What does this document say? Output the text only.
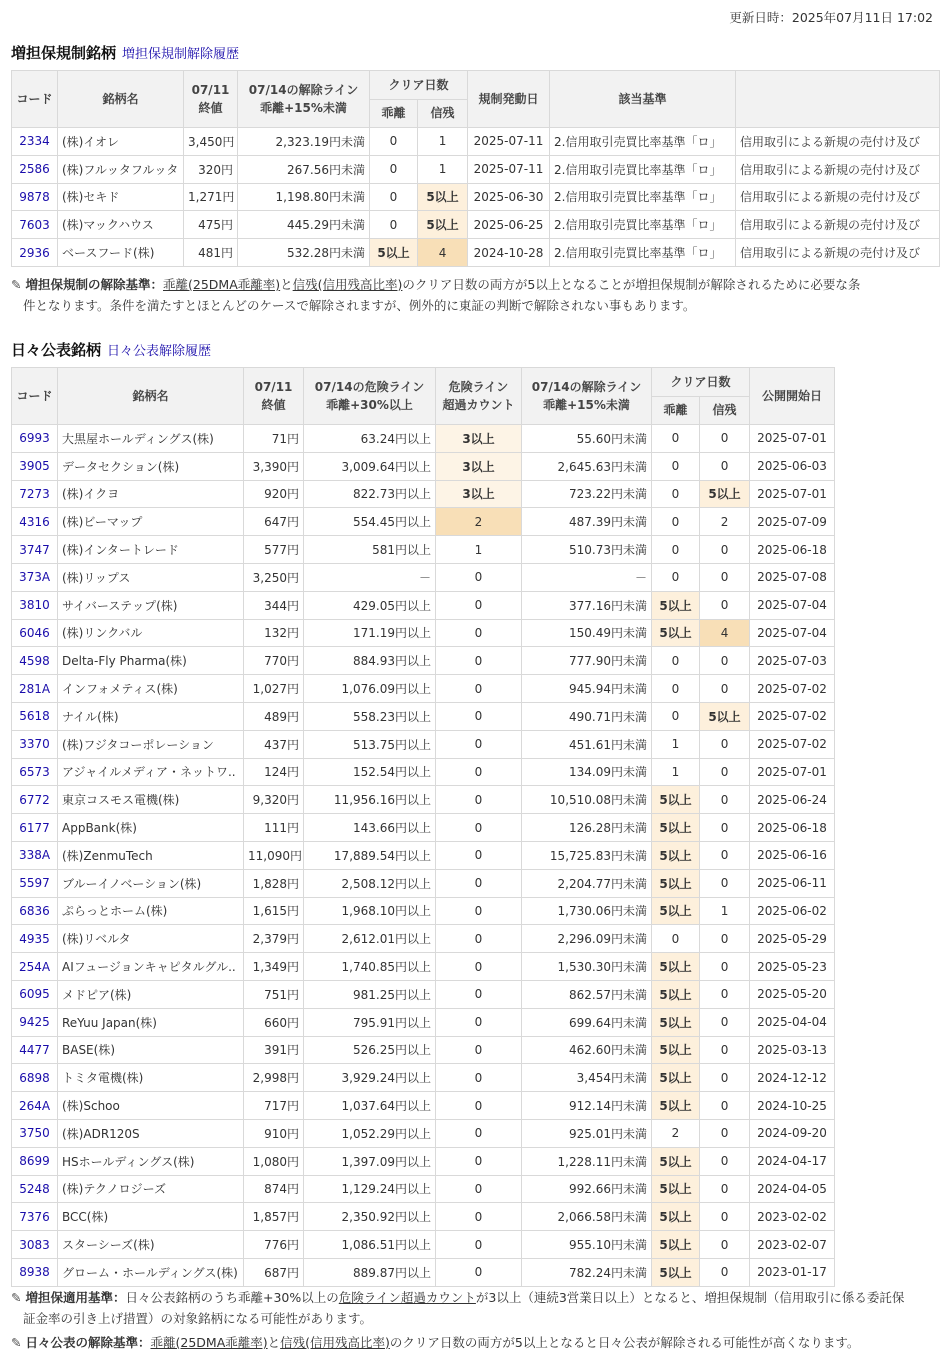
更新日時：2025年07月11日 17:02
増担保規制銘柄 増担保規制解除履歴
コード	銘柄名	07/11
終値	07/14の解除ライン
乖離+15%未満	クリア日数		規制発動日	該当基準	
				乖離	信残			
2334	(株)イオレ	3,450円	2,323.19円未満	0	1	2025-07-11	2.信用取引売買比率基準「ロ」	信用取引による新規の売付け及び
2586	(株)フルッタフルッタ	320円	267.56円未満	0	1	2025-07-11	2.信用取引売買比率基準「ロ」	信用取引による新規の売付け及び
9878	(株)セキド	1,271円	1,198.80円未満	0	5以上	2025-06-30	2.信用取引売買比率基準「ロ」	信用取引による新規の売付け及び
7603	(株)マックハウス	475円	445.29円未満	0	5以上	2025-06-25	2.信用取引売買比率基準「ロ」	信用取引による新規の売付け及び
2936	ベースフード(株)	481円	532.28円未満	5以上	4	2024-10-28	2.信用取引売買比率基準「ロ」	信用取引による新規の売付け及び
✎ 増担保規制の解除基準：乖離(25DMA乖離率)と信残(信用残高比率)のクリア日数の両方が5以上となることが増担保規制が解除されるために必要な条
件となります。条件を満たすとほとんどのケースで解除されますが、例外的に東証の判断で解除されない事もあります。
日々公表銘柄 日々公表解除履歴
コード	銘柄名	07/11
終値	07/14の危険ライン
乖離+30%以上	危険ライン
超過カウント	07/14の解除ライン
乖離+15%未満	クリア日数		公開開始日
						乖離	信残	
6993	大黒屋ホールディングス(株)	71円	63.24円以上	3以上	55.60円未満	0	0	2025-07-01
3905	データセクション(株)	3,390円	3,009.64円以上	3以上	2,645.63円未満	0	0	2025-06-03
7273	(株)イクヨ	920円	822.73円以上	3以上	723.22円未満	0	5以上	2025-07-01
4316	(株)ビーマップ	647円	554.45円以上	2	487.39円未満	0	2	2025-07-09
3747	(株)インタートレード	577円	581円以上	1	510.73円未満	0	0	2025-06-18
373A	(株)リップス	3,250円	－	0	－	0	0	2025-07-08
3810	サイバーステップ(株)	344円	429.05円以上	0	377.16円未満	5以上	0	2025-07-04
6046	(株)リンクバル	132円	171.19円以上	0	150.49円未満	5以上	4	2025-07-04
4598	Delta-Fly Pharma(株)	770円	884.93円以上	0	777.90円未満	0	0	2025-07-03
281A	インフォメティス(株)	1,027円	1,076.09円以上	0	945.94円未満	0	0	2025-07-02
5618	ナイル(株)	489円	558.23円以上	0	490.71円未満	0	5以上	2025-07-02
3370	(株)フジタコーポレーション	437円	513.75円以上	0	451.61円未満	1	0	2025-07-02
6573	アジャイルメディア・ネットワ..	124円	152.54円以上	0	134.09円未満	1	0	2025-07-01
6772	東京コスモス電機(株)	9,320円	11,956.16円以上	0	10,510.08円未満	5以上	0	2025-06-24
6177	AppBank(株)	111円	143.66円以上	0	126.28円未満	5以上	0	2025-06-18
338A	(株)ZenmuTech	11,090円	17,889.54円以上	0	15,725.83円未満	5以上	0	2025-06-16
5597	ブルーイノベーション(株)	1,828円	2,508.12円以上	0	2,204.77円未満	5以上	0	2025-06-11
6836	ぷらっとホーム(株)	1,615円	1,968.10円以上	0	1,730.06円未満	5以上	1	2025-06-02
4935	(株)リベルタ	2,379円	2,612.01円以上	0	2,296.09円未満	0	0	2025-05-29
254A	AIフュージョンキャピタルグル..	1,349円	1,740.85円以上	0	1,530.30円未満	5以上	0	2025-05-23
6095	メドピア(株)	751円	981.25円以上	0	862.57円未満	5以上	0	2025-05-20
9425	ReYuu Japan(株)	660円	795.91円以上	0	699.64円未満	5以上	0	2025-04-04
4477	BASE(株)	391円	526.25円以上	0	462.60円未満	5以上	0	2025-03-13
6898	トミタ電機(株)	2,998円	3,929.24円以上	0	3,454円未満	5以上	0	2024-12-12
264A	(株)Schoo	717円	1,037.64円以上	0	912.14円未満	5以上	0	2024-10-25
3750	(株)ADR120S	910円	1,052.29円以上	0	925.01円未満	2	0	2024-09-20
8699	HSホールディングス(株)	1,080円	1,397.09円以上	0	1,228.11円未満	5以上	0	2024-04-17
5248	(株)テクノロジーズ	874円	1,129.24円以上	0	992.66円未満	5以上	0	2024-04-05
7376	BCC(株)	1,857円	2,350.92円以上	0	2,066.58円未満	5以上	0	2023-02-02
3083	スターシーズ(株)	776円	1,086.51円以上	0	955.10円未満	5以上	0	2023-02-07
8938	グローム・ホールディングス(株)	687円	889.87円以上	0	782.24円未満	5以上	0	2023-01-17
✎ 増担保適用基準：日々公表銘柄のうち乖離+30%以上の危険ライン超過カウントが3以上（連続3営業日以上）となると、増担保規制（信用取引に係る委託保
証金率の引き上げ措置）の対象銘柄になる可能性があります。
✎ 日々公表の解除基準：乖離(25DMA乖離率)と信残(信用残高比率)のクリア日数の両方が5以上となると日々公表が解除される可能性が高くなります。
